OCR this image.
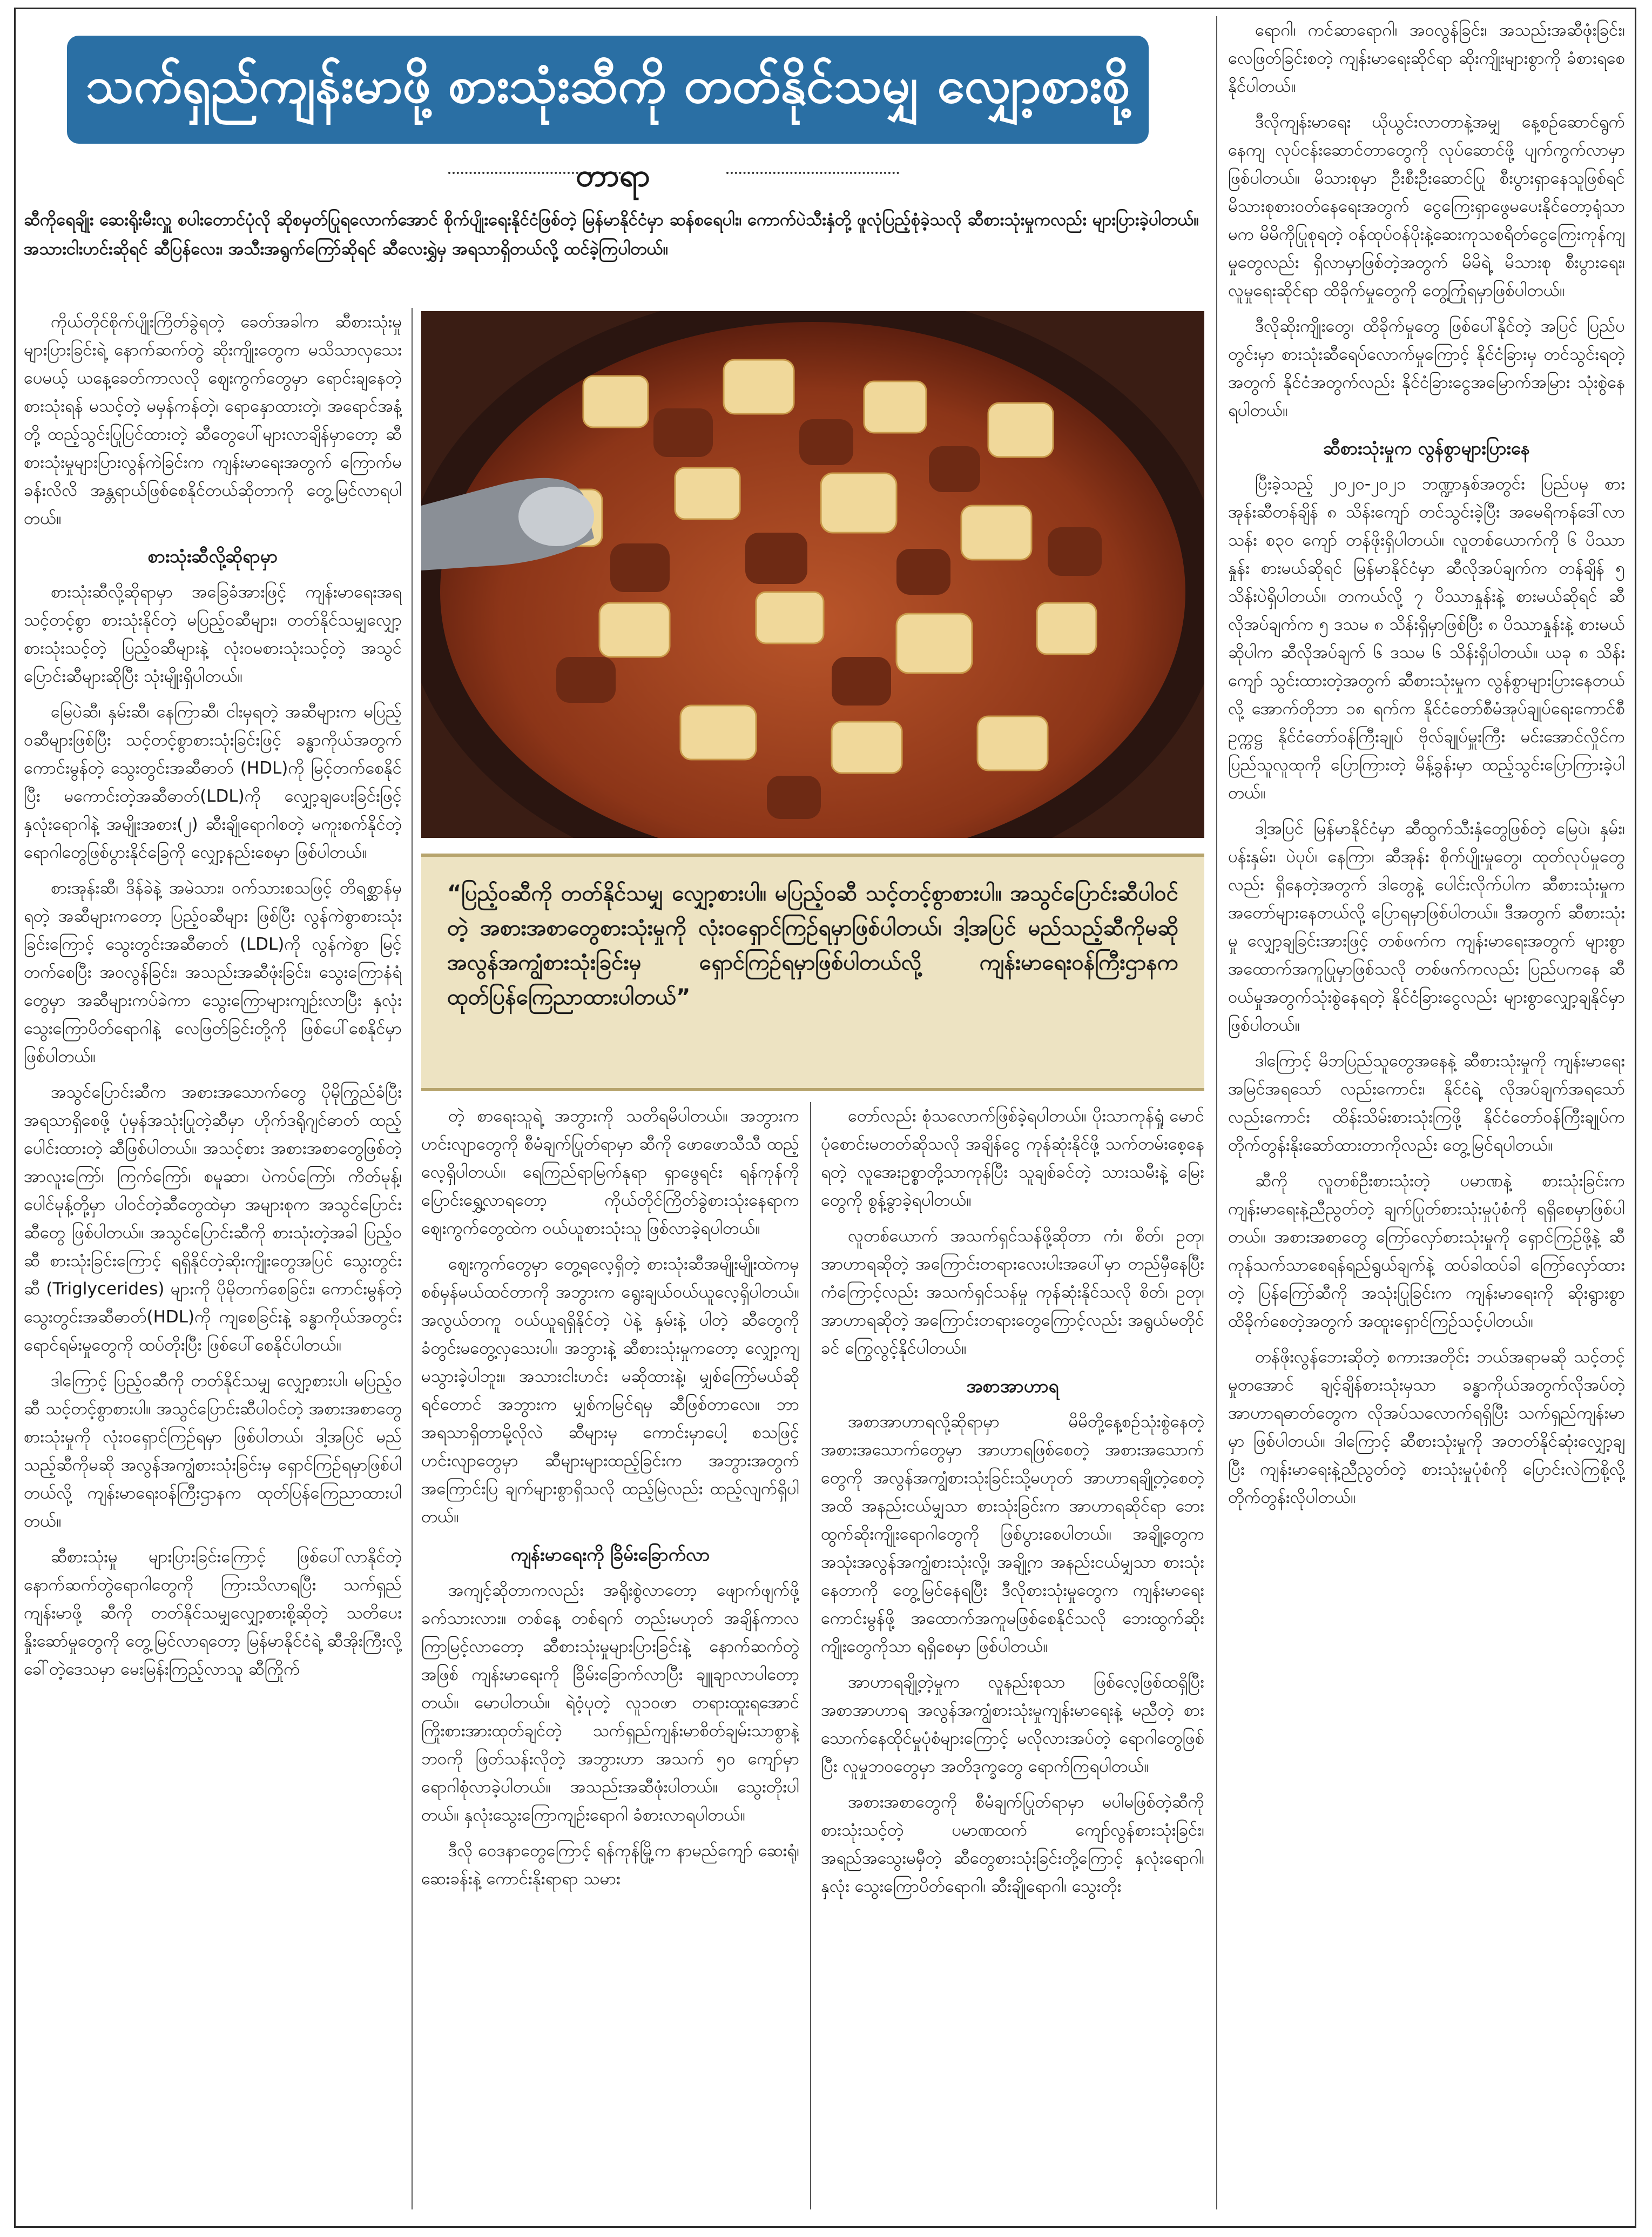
သက်ရှည်ကျန်းမာဖို့ စားသုံးဆီကို တတ်နိုင်သမျှ လျှော့စားစို့
တာရာ

ဆီကိုရေချိုး ဆေးရိုးမီးလှူ စပါးတောင်ပုံလို ဆိုစမှတ်ပြုရလောက်အောင် စိုက်ပျိုးရေးနိုင်ငံဖြစ်တဲ့ မြန်မာနိုင်ငံမှာ ဆန်စရေပါး၊ ကောက်ပဲသီးနှံတို့ ဖူလုံပြည့်စုံခဲ့သလို ဆီစားသုံးမှုကလည်း များပြားခဲ့ပါတယ်။ အသားငါးဟင်းဆိုရင် ဆီပြန်လေး၊ အသီးအရွက်ကြော်ဆိုရင် ဆီလေးရွှဲမှ အရသာရှိတယ်လို့ ထင်ခဲ့ကြပါတယ်။

ကိုယ်တိုင်စိုက်ပျိုးကြိတ်ခွဲရတဲ့ ခေတ်အခါက ဆီစားသုံးမှုများပြားခြင်းရဲ့ နောက်ဆက်တွဲ ဆိုးကျိုးတွေက မသိသာလှသေးပေမယ့် ယနေ့ခေတ်ကာလလို ဈေးကွက်တွေမှာ ရောင်းချနေတဲ့ စားသုံးရန် မသင့်တဲ့ မမှန်ကန်တဲ့၊ ရောနှောထားတဲ့၊ အရောင်အနံ့တို့ ထည့်သွင်းပြုပြင်ထားတဲ့ ဆီတွေပေါ်များလာချိန်မှာတော့ ဆီစားသုံးမှုများပြားလွန်ကဲခြင်းက ကျန်းမာရေးအတွက် ကြောက်မခန်းလိလိ အန္တရာယ်ဖြစ်စေနိုင်တယ်ဆိုတာကို တွေ့မြင်လာရပါတယ်။

စားသုံးဆီလို့ဆိုရာမှာ

စားသုံးဆီလို့ဆိုရာမှာ အခြေခံအားဖြင့် ကျန်းမာရေးအရ သင့်တင့်စွာ စားသုံးနိုင်တဲ့ မပြည့်ဝဆီများ၊ တတ်နိုင်သမျှလျှော့ စားသုံးသင့်တဲ့ ပြည့်ဝဆီများနဲ့ လုံးဝမစားသုံးသင့်တဲ့ အသွင်ပြောင်းဆီများဆိုပြီး သုံးမျိုးရှိပါတယ်။

မြေပဲဆီ၊ နှမ်းဆီ၊ နေကြာဆီ၊ ငါးမှရတဲ့ အဆီများက မပြည့်ဝဆီများဖြစ်ပြီး သင့်တင့်စွာစားသုံးခြင်းဖြင့် ခန္ဓာကိုယ်အတွက် ကောင်းမွန်တဲ့ သွေးတွင်းအဆီဓာတ် (HDL)ကို မြင့်တက်စေနိုင်ပြီး မကောင်းတဲ့အဆီဓာတ်(LDL)ကို လျှော့ချပေးခြင်းဖြင့် နှလုံးရောဂါနဲ့ အမျိုးအစား(၂) ဆီးချိုရောဂါစတဲ့ မကူးစက်နိုင်တဲ့ ရောဂါတွေဖြစ်ပွားနိုင်ခြေကို လျှော့နည်းစေမှာ ဖြစ်ပါတယ်။

စားအုန်းဆီ၊ ဒိန်ခဲနဲ့ အမဲသား၊ ဝက်သားစသဖြင့် တိရစ္ဆာန်မှရတဲ့ အဆီများကတော့ ပြည့်ဝဆီများ ဖြစ်ပြီး လွန်ကဲစွာစားသုံးခြင်းကြောင့် သွေးတွင်းအဆီဓာတ် (LDL)ကို လွန်ကဲစွာ မြင့်တက်စေပြီး အဝလွန်ခြင်း၊ အသည်းအဆီဖုံးခြင်း၊ သွေးကြောနံရံတွေမှာ အဆီများကပ်ခဲကာ သွေးကြောများကျဉ်းလာပြီး နှလုံးသွေးကြောပိတ်ရောဂါနဲ့ လေဖြတ်ခြင်းတို့ကို ဖြစ်ပေါ်စေနိုင်မှာ ဖြစ်ပါတယ်။

အသွင်ပြောင်းဆီက အစားအသောက်တွေ ပိုမိုကြွည်ခံပြီး အရသာရှိစေဖို့ ပုံမှန်အသုံးပြုတဲ့ဆီမှာ ဟိုက်ဒရိုဂျင်ဓာတ် ထည့်ပေါင်းထားတဲ့ ဆီဖြစ်ပါတယ်။ အသင့်စား အစားအစာတွေဖြစ်တဲ့ အာလူးကြော်၊ ကြက်ကြော်၊ စမူဆာ၊ ပဲကပ်ကြော်၊ ကိတ်မုန့်၊ ပေါင်မုန့်တို့မှာ ပါဝင်တဲ့ဆီတွေထဲမှာ အများစုက အသွင်ပြောင်းဆီတွေ ဖြစ်ပါတယ်။ အသွင်ပြောင်းဆီကို စားသုံးတဲ့အခါ ပြည့်ဝဆီ စားသုံးခြင်းကြောင့် ရရှိနိုင်တဲ့ဆိုးကျိုးတွေအပြင် သွေးတွင်းဆီ (Triglycerides) များကို ပိုမိုတက်စေခြင်း၊ ကောင်းမွန်တဲ့ သွေးတွင်းအဆီဓာတ်(HDL)ကို ကျစေခြင်းနဲ့ ခန္ဓာကိုယ်အတွင်း ရောင်ရမ်းမှုတွေကို ထပ်တိုးပြီး ဖြစ်ပေါ်စေနိုင်ပါတယ်။

ဒါကြောင့် ပြည့်ဝဆီကို တတ်နိုင်သမျှ လျှော့စားပါ၊ မပြည့်ဝဆီ သင့်တင့်စွာစားပါ။ အသွင်ပြောင်းဆီပါဝင်တဲ့ အစားအစာတွေစားသုံးမှုကို လုံးဝရှောင်ကြဉ်ရမှာ ဖြစ်ပါတယ်၊ ဒါ့အပြင် မည်သည့်ဆီကိုမဆို အလွန်အကျွံစားသုံးခြင်းမှ ရှောင်ကြဉ်ရမှာဖြစ်ပါတယ်လို့ ကျန်းမာရေးဝန်ကြီးဌာနက ထုတ်ပြန်ကြေညာထားပါတယ်။

ဆီစားသုံးမှု များပြားခြင်းကြောင့် ဖြစ်ပေါ်လာနိုင်တဲ့ နောက်ဆက်တွဲရောဂါတွေကို ကြားသိလာရပြီး သက်ရှည်ကျန်းမာဖို့ ဆီကို တတ်နိုင်သမျှလျှော့စားစို့ဆိုတဲ့ သတိပေးနှိုးဆော်မှုတွေကို တွေ့မြင်လာရတော့ မြန်မာနိုင်ငံရဲ့ ဆီအိုးကြီးလို့ ခေါ်တဲ့ဒေသမှာ မေးမြန်းကြည့်လာသူ ဆီကြိုက်

“ပြည့်ဝဆီကို တတ်နိုင်သမျှ လျှော့စားပါ။ မပြည့်ဝဆီ သင့်တင့်စွာစားပါ။ အသွင်ပြောင်းဆီပါဝင်တဲ့ အစားအစာတွေစားသုံးမှုကို လုံးဝရှောင်ကြဉ်ရမှာဖြစ်ပါတယ်၊ ဒါ့အပြင် မည်သည့်ဆီကိုမဆို အလွန်အကျွံစားသုံးခြင်းမှ ရှောင်ကြဉ်ရမှာဖြစ်ပါတယ်လို့ ကျန်းမာရေးဝန်ကြီးဌာနက ထုတ်ပြန်ကြေညာထားပါတယ်”

တဲ့ စာရေးသူရဲ့ အဘွားကို သတိရမိပါတယ်။ အဘွားက ဟင်းလျာတွေကို စီမံချက်ပြုတ်ရာမှာ ဆီကို ဖောဖောသီသီ ထည့်လေ့ရှိပါတယ်။ ရေကြည်ရာမြက်နုရာ ရှာဖွေရင်း ရန်ကုန်ကို ပြောင်းရွှေ့လာရတော့ ကိုယ်တိုင်ကြိတ်ခွဲစားသုံးနေရာက ဈေးကွက်တွေထဲက ဝယ်ယူစားသုံးသူ ဖြစ်လာခဲ့ရပါတယ်။

ဈေးကွက်တွေမှာ တွေ့ရလေ့ရှိတဲ့ စားသုံးဆီအမျိုးမျိုးထဲကမှ စစ်မှန်မယ်ထင်တာကို အဘွားက ရွေးချယ်ဝယ်ယူလေ့ရှိပါတယ်။ အလွယ်တကူ ဝယ်ယူရရှိနိုင်တဲ့ ပဲနဲ့ နှမ်းနဲ့ ပါတဲ့ ဆီတွေကို ခံတွင်းမတွေ့လှသေးပါ။ အဘွားနဲ့ ဆီစားသုံးမှုကတော့ လျှော့ကျမသွားခဲ့ပါဘူး။ အသားငါးဟင်း မဆိုထားနဲ့၊ မျှစ်ကြော်မယ်ဆိုရင်တောင် အဘွားက မျှစ်ကမြင်ရမှ ဆီဖြစ်တာလေ။ ဘာအရသာရှိတာမို့လိုလဲ ဆီများမှ ကောင်းမှာပေါ့ စသဖြင့် ဟင်းလျာတွေမှာ ဆီများများထည့်ခြင်းက အဘွားအတွက် အကြောင်းပြ ချက်များစွာရှိသလို ထည့်မြဲလည်း ထည့်လျက်ရှိပါတယ်။

ကျန်းမာရေးကို ခြိမ်းခြောက်လာ

အကျင့်ဆိုတာကလည်း အရိုးစွဲလာတော့ ဖျောက်ဖျက်ဖို့ ခက်သားလား။ တစ်နေ့ တစ်ရက် တည်းမဟုတ် အချိန်ကာလကြာမြင့်လာတော့ ဆီစားသုံးမှုများပြားခြင်းနဲ့ နောက်ဆက်တွဲအဖြစ် ကျန်းမာရေးကို ခြိမ်းခြောက်လာပြီး ချူချာလာပါတော့တယ်။ မောပါတယ်။ ရဲဝံ့ပုတဲ့ လူ၁၀ဖာ တရားထူးရအောင် ကြိုးစားအားထုတ်ချင်တဲ့ သက်ရှည်ကျန်းမာစိတ်ချမ်းသာစွာနဲ့ ဘဝကို ဖြတ်သန်းလိုတဲ့ အဘွားဟာ အသက် ၅၀ ကျော်မှာ ရောဂါစုံလာခဲ့ပါတယ်။ အသည်းအဆီဖုံးပါတယ်။ သွေးတိုးပါတယ်။ နှလုံးသွေးကြောကျဉ်းရောဂါ ခံစားလာရပါတယ်။

ဒီလို ဝေဒနာတွေကြောင့် ရန်ကုန်မြို့က နာမည်ကျော် ဆေးရုံ၊ ဆေးခန်းနဲ့ ကောင်းနိုးရာရာ သမား

တော်လည်း စုံသလောက်ဖြစ်ခဲ့ရပါတယ်။ ပိုးသာကုန်ရှုံ မောင်ပုံစောင်းမတတ်ဆိုသလို အချိန်ငွေ ကုန်ဆုံးနိုင်ဖို့ သက်တမ်းစေ့နေရတဲ့ လူအေးဥစ္စာတို့သာကုန်ပြီး သူချစ်ခင်တဲ့ သားသမီးနဲ့ မြေးတွေကို စွန့်ခွာခဲ့ရပါတယ်။

လူတစ်ယောက် အသက်ရှင်သန်ဖို့ဆိုတာ ကံ၊ စိတ်၊ ဥတု၊ အာဟာရဆိုတဲ့ အကြောင်းတရားလေးပါးအပေါ်မှာ တည်မှီနေပြီး ကံကြောင့်လည်း အသက်ရှင်သန်မှု ကုန်ဆုံးနိုင်သလို စိတ်၊ ဥတု၊ အာဟာရဆိုတဲ့ အကြောင်းတရားတွေကြောင့်လည်း အရွယ်မတိုင်ခင် ကြွေလွင့်နိုင်ပါတယ်။

အစာအာဟာရ

အစာအာဟာရလို့ဆိုရာမှာ မိမိတို့နေ့စဉ်သုံးစွဲနေတဲ့ အစားအသောက်တွေမှာ အာဟာရဖြစ်စေတဲ့ အစားအသောက်တွေကို အလွန်အကျွံစားသုံးခြင်းသို့မဟုတ် အာဟာရချို့တဲ့စေတဲ့အထိ အနည်းငယ်မျှသာ စားသုံးခြင်းက အာဟာရဆိုင်ရာ ဘေးထွက်ဆိုးကျိုးရောဂါတွေကို ဖြစ်ပွားစေပါတယ်။ အချို့တွေက အသုံးအလွန်အကျွံစားသုံးလို့၊ အချို့က အနည်းငယ်မျှသာ စားသုံးနေတာကို တွေ့မြင်နေရပြီး ဒီလိုစားသုံးမှုတွေက ကျန်းမာရေးကောင်းမွန်ဖို့ အထောက်အကူမဖြစ်စေနိုင်သလို ဘေးထွက်ဆိုးကျိုးတွေကိုသာ ရရှိစေမှာ ဖြစ်ပါတယ်။

အာဟာရချို့တဲ့မှုက လူနည်းစုသာ ဖြစ်လေ့ဖြစ်ထရှိပြီး အစာအာဟာရ အလွန်အကျွံစားသုံးမှုကျန်းမာရေးနဲ့ မညီတဲ့ စားသောက်နေထိုင်မှုပုံစံများကြောင့် မလိုလားအပ်တဲ့ ရောဂါတွေဖြစ်ပြီး လူမှုဘဝတွေမှာ အတိဒုက္ခတွေ ရောက်ကြရပါတယ်။

အစားအစာတွေကို စီမံချက်ပြုတ်ရာမှာ မပါမဖြစ်တဲ့ဆီကို စားသုံးသင့်တဲ့ ပမာဏထက် ကျော်လွန်စားသုံးခြင်း၊ အရည်အသွေးမမှီတဲ့ ဆီတွေစားသုံးခြင်းတို့ကြောင့် နှလုံးရောဂါ၊ နှလုံး သွေးကြောပိတ်ရောဂါ၊ ဆီးချိုရောဂါ၊ သွေးတိုး

ရောဂါ၊ ကင်ဆာရောဂါ၊ အဝလွန်ခြင်း၊ အသည်းအဆီဖုံးခြင်း၊ လေဖြတ်ခြင်းစတဲ့ ကျန်းမာရေးဆိုင်ရာ ဆိုးကျိုးများစွာကို ခံစားရစေနိုင်ပါတယ်။

ဒီလိုကျန်းမာရေး ယိုယွင်းလာတာနဲ့အမျှ နေ့စဉ်ဆောင်ရွက်နေကျ လုပ်ငန်းဆောင်တာတွေကို လုပ်ဆောင်ဖို့ ပျက်ကွက်လာမှာ ဖြစ်ပါတယ်။ မိသားစုမှာ ဦးစီးဦးဆောင်ပြု စီးပွားရှာနေသူဖြစ်ရင် မိသားစုစားဝတ်နေရေးအတွက် ငွေကြေးရှာဖွေမပေးနိုင်တော့ရုံသာမက မိမိကိုပြုစုရတဲ့ ဝန်ထုပ်ဝန်ပိုးနဲ့ဆေးကုသစရိတ်ငွေကြေးကုန်ကျမှုတွေလည်း ရှိလာမှာဖြစ်တဲ့အတွက် မိမိရဲ့ မိသားစု စီးပွားရေး၊ လူမှုရေးဆိုင်ရာ ထိခိုက်မှုတွေကို တွေ့ကြုံရမှာဖြစ်ပါတယ်။

ဒီလိုဆိုးကျိုးတွေ၊ ထိခိုက်မှုတွေ ဖြစ်ပေါ်နိုင်တဲ့ အပြင် ပြည်ပတွင်းမှာ စားသုံးဆီရေပ်လောက်မှုကြောင့် နိုင်ငံခြားမှ တင်သွင်းရတဲ့အတွက် နိုင်ငံအတွက်လည်း နိုင်ငံခြားငွေအမြောက်အမြား သုံးစွဲနေရပါတယ်။

ဆီစားသုံးမှုက လွန်စွာများပြားနေ

ပြီးခဲ့သည့် ၂၀၂၀-၂၀၂၁ ဘဏ္ဍာနှစ်အတွင်း ပြည်ပမှ စားအုန်းဆီတန်ချိန် ၈ သိန်းကျော် တင်သွင်းခဲ့ပြီး အမေရိကန်ဒေါ်လာသန်း စ၃၀ ကျော် တန်ဖိုးရှိပါတယ်။ လူတစ်ယောက်ကို ၆ ပိဿာနှုန်း စားမယ်ဆိုရင် မြန်မာနိုင်ငံမှာ ဆီလိုအပ်ချက်က တန်ချိန် ၅ သိန်းပဲရှိပါတယ်။ တကယ်လို့ ၇ ပိဿာနှုန်းနဲ့ စားမယ်ဆိုရင် ဆီလိုအပ်ချက်က ၅ ဒသမ ၈ သိန်းရှိမှာဖြစ်ပြီး ၈ ပိဿာနှုန်းနဲ့ စားမယ်ဆိုပါက ဆီလိုအပ်ချက် ၆ ဒသမ ၆ သိန်းရှိပါတယ်။ ယခု ၈ သိန်းကျော် သွင်းထားတဲ့အတွက် ဆီစားသုံးမှုက လွန်စွာများပြားနေတယ်လို့ အောက်တိုဘာ ၁၈ ရက်က နိုင်ငံတော်စီမံအုပ်ချုပ်ရေးကောင်စီ ဥက္ကဋ္ဌ နိုင်ငံတော်ဝန်ကြီးချုပ် ဗိုလ်ချုပ်မှူးကြီး မင်းအောင်လှိုင်က ပြည်သူလူထုကို ပြောကြားတဲ့ မိန့်ခွန်းမှာ ထည့်သွင်းပြောကြားခဲ့ပါတယ်။

ဒါ့အပြင် မြန်မာနိုင်ငံမှာ ဆီထွက်သီးနှံတွေဖြစ်တဲ့ မြေပဲ၊ နှမ်း၊ ပန်းနှမ်း၊ ပဲပုပ်၊ နေကြာ၊ ဆီအုန်း စိုက်ပျိုးမှုတွေ၊ ထုတ်လုပ်မှုတွေလည်း ရှိနေတဲ့အတွက် ဒါတွေနဲ့ ပေါင်းလိုက်ပါက ဆီစားသုံးမှုက အတော်များနေတယ်လို့ ပြောရမှာဖြစ်ပါတယ်။ ဒီအတွက် ဆီစားသုံးမှု လျှော့ချခြင်းအားဖြင့် တစ်ဖက်က ကျန်းမာရေးအတွက် များစွာအထောက်အကူပြုမှာဖြစ်သလို တစ်ဖက်ကလည်း ပြည်ပကနေ ဆီဝယ်မှုအတွက်သုံးစွဲနေရတဲ့ နိုင်ငံခြားငွေလည်း များစွာလျှော့ချနိုင်မှာ ဖြစ်ပါတယ်။

ဒါကြောင့် မိဘပြည်သူတွေအနေနဲ့ ဆီစားသုံးမှုကို ကျန်းမာရေးအမြင်အရသော် လည်းကောင်း၊ နိုင်ငံရဲ့ လိုအပ်ချက်အရသော် လည်းကောင်း ထိန်းသိမ်းစားသုံးကြဖို့ နိုင်ငံတော်ဝန်ကြီးချုပ်က တိုက်တွန်းနိုးဆော်ထားတာကိုလည်း တွေ့မြင်ရပါတယ်။

ဆီကို လူတစ်ဦးစားသုံးတဲ့ ပမာဏနဲ့ စားသုံးခြင်းက ကျန်းမာရေးနဲ့ညီညွတ်တဲ့ ချက်ပြုတ်စားသုံးမှုပုံစံကို ရရှိစေမှာဖြစ်ပါတယ်။ အစားအစာတွေ ကြော်လှော်စားသုံးမှုကို ရှောင်ကြဉ်ဖို့နဲ့ ဆီကုန်သက်သာစေရန်ရည်ရွယ်ချက်နဲ့ ထပ်ခါထပ်ခါ ကြော်လှော်ထားတဲ့ ပြန်ကြော်ဆီကို အသုံးပြုခြင်းက ကျန်းမာရေးကို ဆိုးရွားစွာထိခိုက်စေတဲ့အတွက် အထူးရှောင်ကြဉ်သင့်ပါတယ်။

တန်ဖိုးလွန်ဘေးဆိုတဲ့ စကားအတိုင်း ဘယ်အရာမဆို သင့်တင့်မှုတအောင် ချင့်ချိန်စားသုံးမှသာ ခန္ဓာကိုယ်အတွက်လိုအပ်တဲ့ အာဟာရဓာတ်တွေက လိုအပ်သလောက်ရရှိပြီး သက်ရှည်ကျန်းမာမှာ ဖြစ်ပါတယ်။ ဒါကြောင့် ဆီစားသုံးမှုကို အတတ်နိုင်ဆုံးလျှော့ချပြီး ကျန်းမာရေးနဲ့ညီညွတ်တဲ့ စားသုံးမှုပုံစံကို ပြောင်းလဲကြစို့လို့ တိုက်တွန်းလိုပါတယ်။
